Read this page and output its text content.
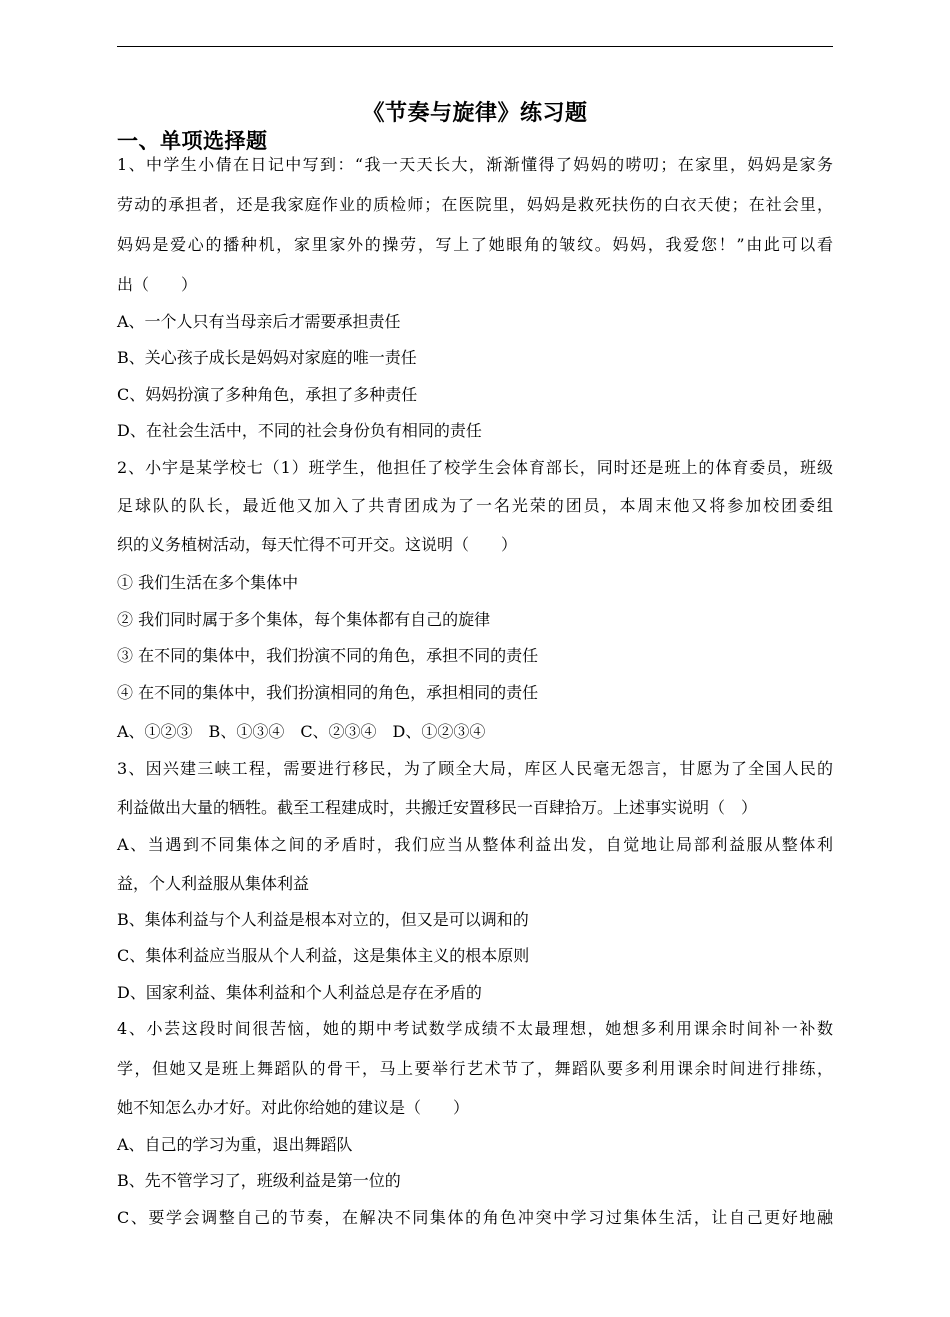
《节奏与旋律》练习题
一、单项选择题
1、中学生小倩在日记中写到：“我一天天长大，渐渐懂得了妈妈的唠叨；在家里，妈妈是家务
劳动的承担者，还是我家庭作业的质检师；在医院里，妈妈是救死扶伤的白衣天使；在社会里，
妈妈是爱心的播种机，家里家外的操劳，写上了她眼角的皱纹。妈妈，我爱您！”由此可以看
出（　　）
A、一个人只有当母亲后才需要承担责任
B、关心孩子成长是妈妈对家庭的唯一责任
C、妈妈扮演了多种角色，承担了多种责任
D、在社会生活中，不同的社会身份负有相同的责任
2、小宇是某学校七（1）班学生，他担任了校学生会体育部长，同时还是班上的体育委员，班级
足球队的队长，最近他又加入了共青团成为了一名光荣的团员，本周末他又将参加校团委组
织的义务植树活动，每天忙得不可开交。这说明（　　）
① 我们生活在多个集体中
② 我们同时属于多个集体，每个集体都有自己的旋律
③ 在不同的集体中，我们扮演不同的角色，承担不同的责任
④ 在不同的集体中，我们扮演相同的角色，承担相同的责任
A、①②③　B、①③④　C、②③④　D、①②③④
3、因兴建三峡工程，需要进行移民，为了顾全大局，库区人民毫无怨言，甘愿为了全国人民的
利益做出大量的牺牲。截至工程建成时，共搬迁安置移民一百肆拾万。上述事实说明（　）
A、当遇到不同集体之间的矛盾时，我们应当从整体利益出发，自觉地让局部利益服从整体利
益，个人利益服从集体利益
B、集体利益与个人利益是根本对立的，但又是可以调和的
C、集体利益应当服从个人利益，这是集体主义的根本原则
D、国家利益、集体利益和个人利益总是存在矛盾的
4、小芸这段时间很苦恼，她的期中考试数学成绩不太最理想，她想多利用课余时间补一补数
学，但她又是班上舞蹈队的骨干，马上要举行艺术节了，舞蹈队要多利用课余时间进行排练，
她不知怎么办才好。对此你给她的建议是（　　）
A、自己的学习为重，退出舞蹈队
B、先不管学习了，班级利益是第一位的
C、要学会调整自己的节奏，在解决不同集体的角色冲突中学习过集体生活，让自己更好地融
